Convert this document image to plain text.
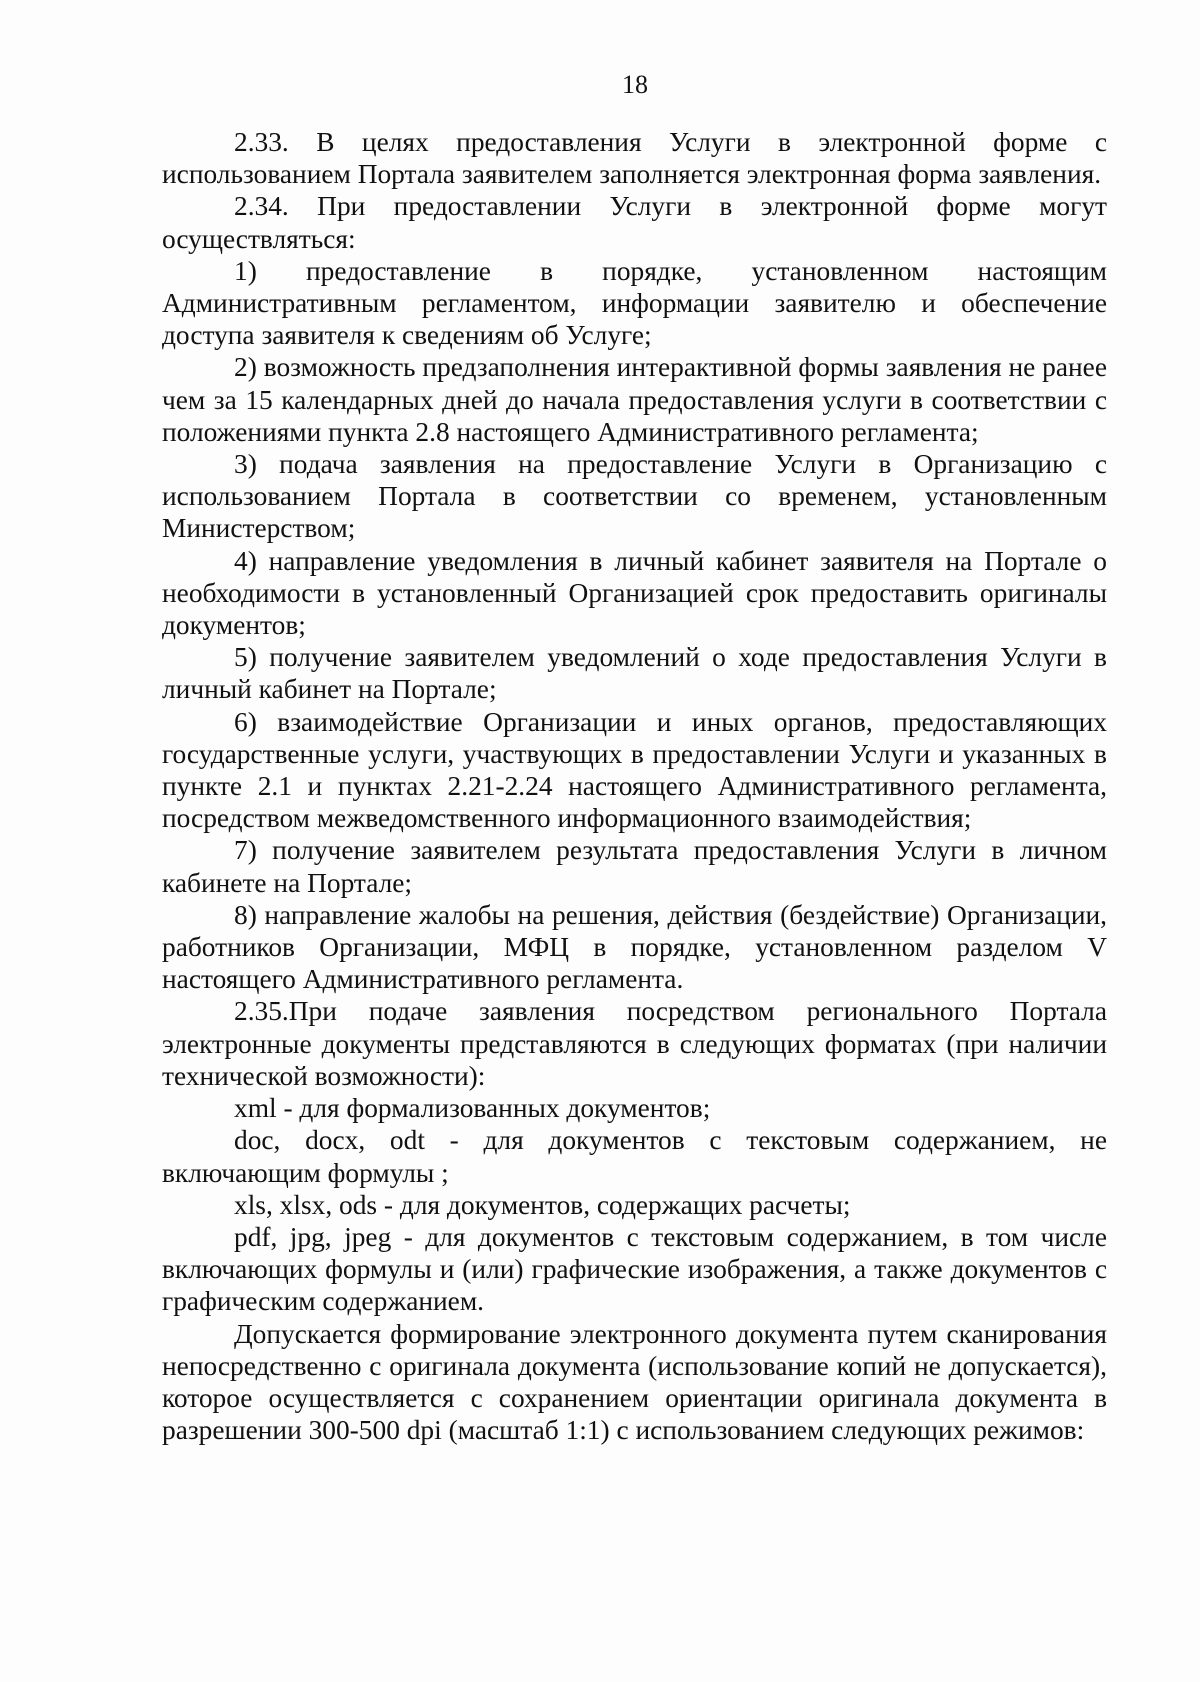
18

2.33. В целях предоставления Услуги в электронной форме с использованием Портала заявителем заполняется электронная форма заявления.

2.34. При предоставлении Услуги в электронной форме могут осуществляться:

1) предоставление в порядке, установленном настоящим Административным регламентом, информации заявителю и обеспечение доступа заявителя к сведениям об Услуге;

2) возможность предзаполнения интерактивной формы заявления не ранее чем за 15 календарных дней до начала предоставления услуги в соответствии с положениями пункта 2.8 настоящего Административного регламента;

3) подача заявления на предоставление Услуги в Организацию с использованием Портала в соответствии со временем, установленным Министерством;

4) направление уведомления в личный кабинет заявителя на Портале о необходимости в установленный Организацией срок предоставить оригиналы документов;

5) получение заявителем уведомлений о ходе предоставления Услуги в личный кабинет на Портале;

6) взаимодействие Организации и иных органов, предоставляющих государственные услуги, участвующих в предоставлении Услуги и указанных в пункте 2.1 и пунктах 2.21-2.24 настоящего Административного регламента, посредством межведомственного информационного взаимодействия;

7) получение заявителем результата предоставления Услуги в личном кабинете на Портале;

8) направление жалобы на решения, действия (бездействие) Организации, работников Организации, МФЦ в порядке, установленном разделом V настоящего Административного регламента.

2.35.При подаче заявления посредством регионального Портала электронные документы представляются в следующих форматах (при наличии технической возможности):

xml - для формализованных документов;

doc, docx, odt - для документов с текстовым содержанием, не включающим формулы ;

xls, xlsx, ods - для документов, содержащих расчеты;

pdf, jpg, jpeg - для документов с текстовым содержанием, в том числе включающих формулы и (или) графические изображения, а также документов с графическим содержанием.

Допускается формирование электронного документа путем сканирования непосредственно с оригинала документа (использование копий не допускается), которое осуществляется с сохранением ориентации оригинала документа в разрешении 300-500 dpi (масштаб 1:1) с использованием следующих режимов:
